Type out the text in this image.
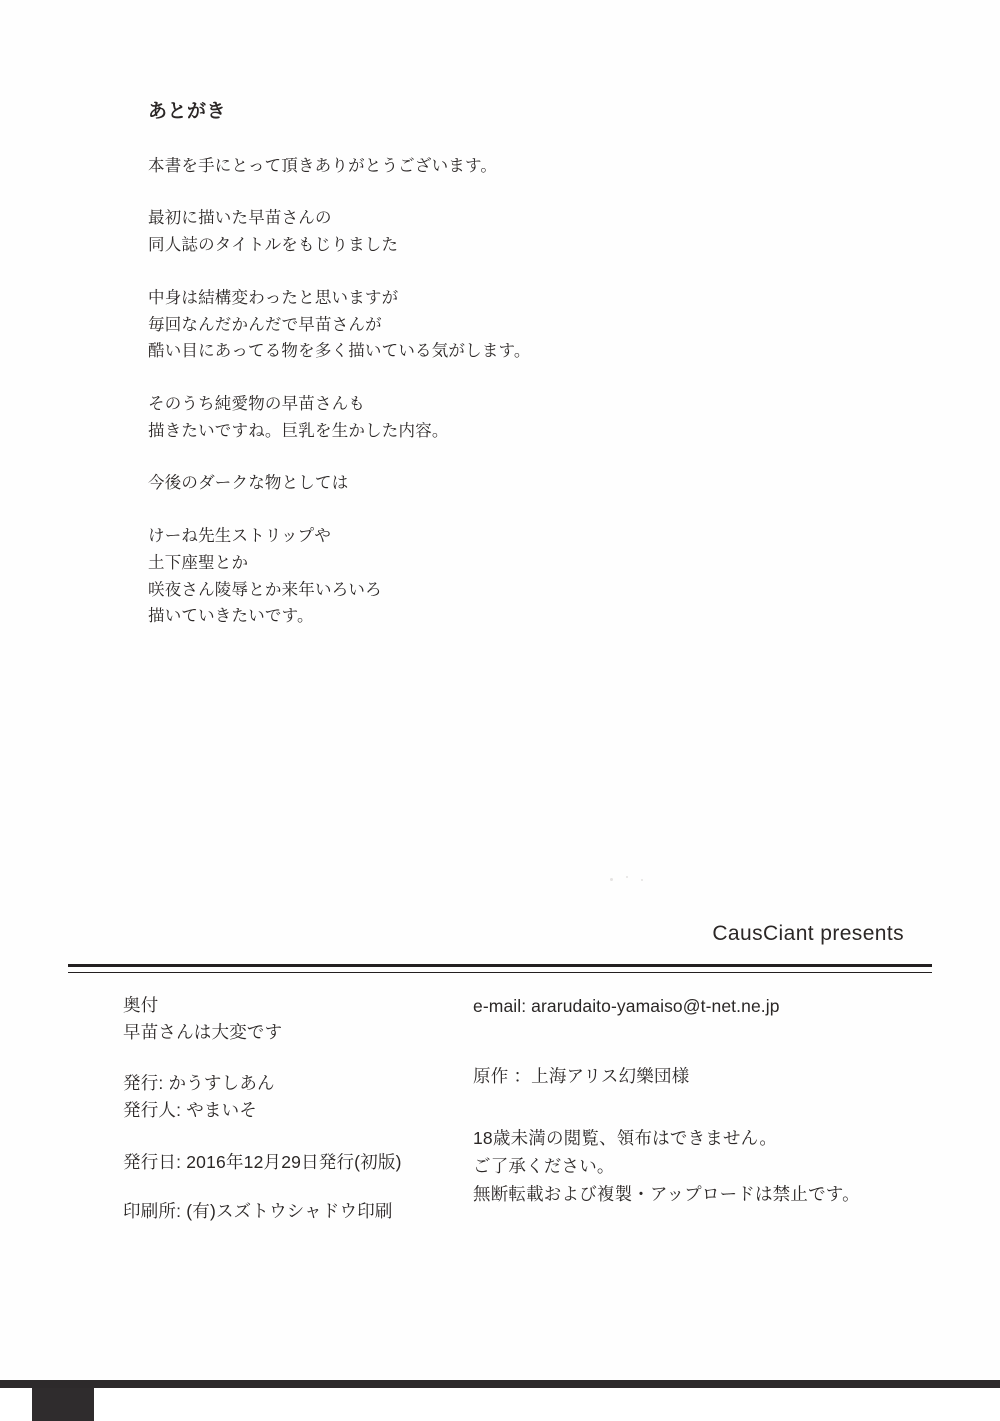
あとがき

本書を手にとって頂きありがとうございます。

最初に描いた早苗さんの
同人誌のタイトルをもじりました

中身は結構変わったと思いますが
毎回なんだかんだで早苗さんが
酷い目にあってる物を多く描いている気がします。

そのうち純愛物の早苗さんも
描きたいですね。巨乳を生かした内容。

今後のダークな物としては

けーね先生ストリップや
土下座聖とか
咲夜さん陵辱とか来年いろいろ
描いていきたいです。

CausCiant presents
奥付
早苗さんは大変です
発行: かうすしあん
発行人: やまいそ
発行日: 2016年12月29日発行(初版)
印刷所: (有)スズトウシャドウ印刷
e-mail: ararudaito-yamaiso@t-net.ne.jp
原作 ：上海アリス幻樂団様
18歳未満の閲覧、領布はできません。
ご了承ください。
無断転載および複製・アップロードは禁止です。
